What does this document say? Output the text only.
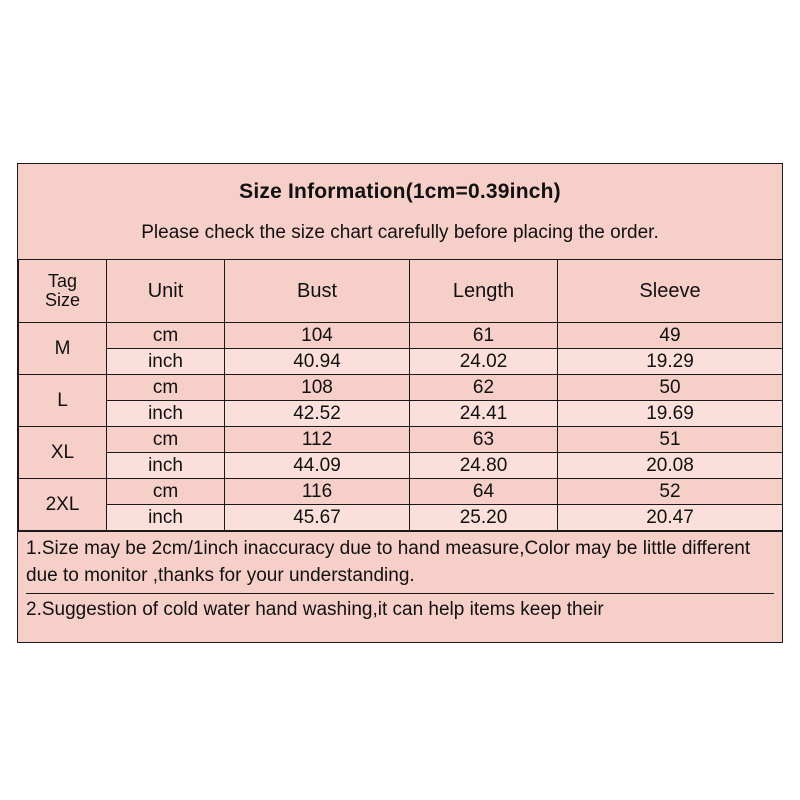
Size Information(1cm=0.39inch)
Please check the size chart carefully before placing the order.
Tag
Size	Unit	Bust	Length	Sleeve
M	cm	104	61	49
	inch	40.94	24.02	19.29
L	cm	108	62	50
	inch	42.52	24.41	19.69
XL	cm	112	63	51
	inch	44.09	24.80	20.08
2XL	cm	116	64	52
	inch	45.67	25.20	20.47
1.Size may be 2cm/1inch inaccuracy due to hand measure,Color may be little different due to monitor ,thanks for your understanding.
2.Suggestion of cold water hand washing,it can help items keep their
